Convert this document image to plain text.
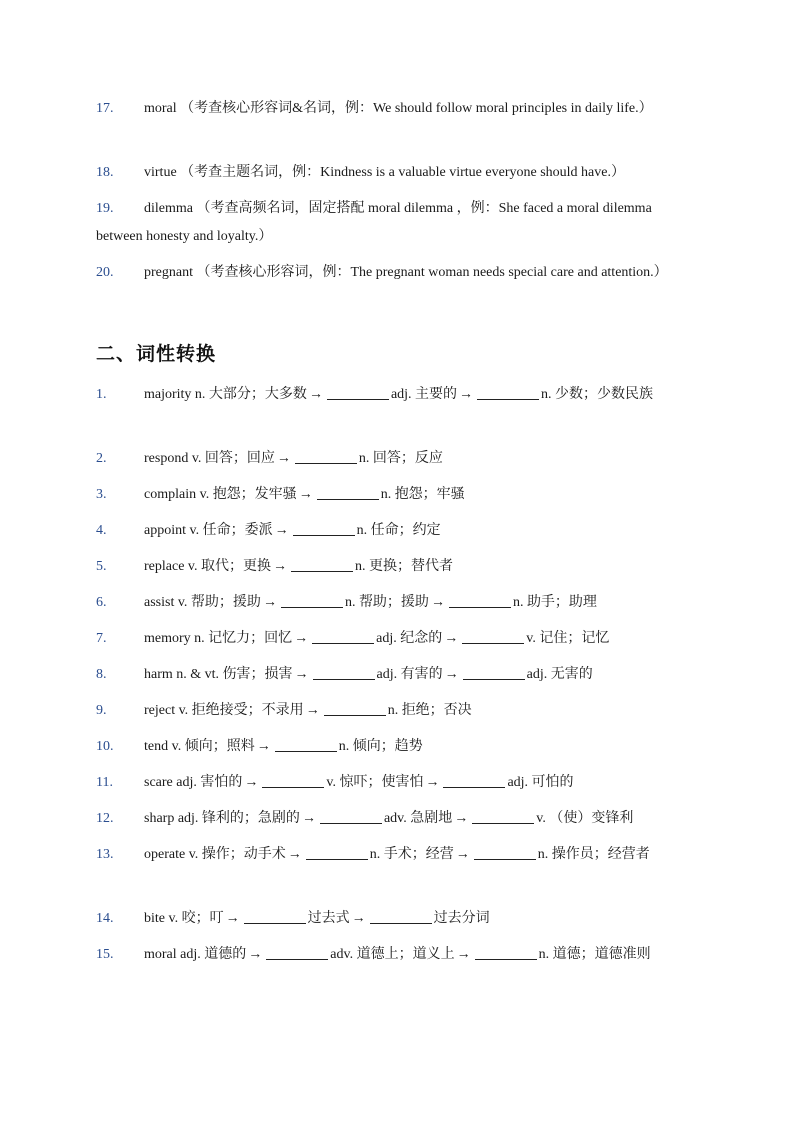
17. moral （考查核心形容词&名词，例：We should follow moral principles in daily life.）

18. virtue （考查主题名词，例：Kindness is a valuable virtue everyone should have.）

19. dilemma （考查高频名词，固定搭配 moral dilemma ，例：She faced a moral dilemma between honesty and loyalty.）

20. pregnant （考查核心形容词，例：The pregnant woman needs special care and attention.）

二、词性转换

1.	majority n. 大部分；大多数 →	adj. 主要的 →	n. 少数；少数民族

2.	respond v. 回答；回应 →	n. 回答；反应

3.	complain v. 抱怨；发牢骚 →	n. 抱怨；牢骚

4.	appoint v. 任命；委派 →	n. 任命；约定

5.	replace v. 取代；更换 →	n. 更换；替代者

6.	assist v. 帮助；援助 →	n. 帮助；援助 →	n. 助手；助理

7.	memory n. 记忆力；回忆 →	adj. 纪念的 →	v. 记住；记忆

8.	harm n. & vt. 伤害；损害 →	adj. 有害的 →	adj. 无害的

9.	reject v. 拒绝接受；不录用 →	n. 拒绝；否决

10. tend v. 倾向；照料 →	n. 倾向；趋势

11. scare adj. 害怕的 →	v. 惊吓；使害怕 →	adj. 可怕的

12. sharp adj. 锋利的；急剧的 →	adv. 急剧地 →	v. （使）变锋利

13. operate v. 操作；动手术 →	n. 手术；经营 →	n. 操作员；经营者

14. bite v. 咬；叮 →	过去式 →	过去分词

15. moral adj. 道德的 →	adv. 道德上；道义上 →	n. 道德；道德准则
